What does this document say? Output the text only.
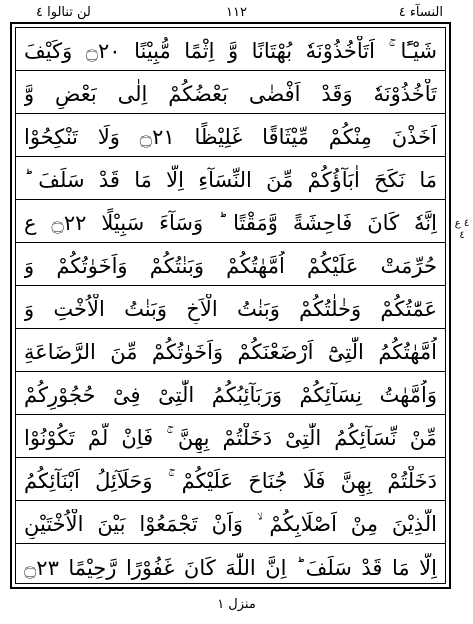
لن تنالوا ٤	١١٢	النسآء ٤
شَيْـًٔا ۚ اَتَاْخُذُوْنَهٗ بُهْتَانًا وَّ اِثْمًا مُّبِيْنًا ۝٢٠ وَكَيْفَ
تَاْخُذُوْنَهٗ وَقَدْ اَفْضٰى بَعْضُكُمْ اِلٰى بَعْضٍ وَّ
اَخَذْنَ مِنْكُمْ مِّيْثَاقًا غَلِيْظًا ۝٢١ وَلَا تَنْكِحُوْا
مَا نَكَحَ اٰبَآؤُكُمْ مِّنَ النِّسَآءِ اِلَّا مَا قَدْ سَلَفَ ؕ
اِنَّهٗ كَانَ فَاحِشَةً وَّمَقْتًا ؕ وَسَآءَ سَبِيْلًا ۝٢٢ ع
حُرِّمَتْ عَلَيْكُمْ اُمَّهٰتُكُمْ وَبَنٰتُكُمْ وَاَخَوٰتُكُمْ وَ
عَمّٰتُكُمْ وَخٰلٰتُكُمْ وَبَنٰتُ الْاَخِ وَبَنٰتُ الْاُخْتِ وَ
اُمَّهٰتُكُمُ الّٰتِىْٓ اَرْضَعْنَكُمْ وَاَخَوٰتُكُمْ مِّنَ الرَّضَاعَةِ
وَاُمَّهٰتُ نِسَآئِكُمْ وَرَبَآئِبُكُمُ الّٰتِىْ فِىْ حُجُوْرِكُمْ
مِّنْ نِّسَآئِكُمُ الّٰتِىْ دَخَلْتُمْ بِهِنَّ ۚ فَاِنْ لَّمْ تَكُوْنُوْا
دَخَلْتُمْ بِهِنَّ فَلَا جُنَاحَ عَلَيْكُمْ ۚ وَحَلَآئِلُ اَبْنَآئِكُمُ
الَّذِيْنَ مِنْ اَصْلَابِكُمْ ۙ وَاَنْ تَجْمَعُوْا بَيْنَ الْاُخْتَيْنِ
اِلَّا مَا قَدْ سَلَفَ ؕ اِنَّ اللّٰهَ كَانَ غَفُوْرًا رَّحِيْمًا ۝٢٣
٤ ع ٤
منزل ١
